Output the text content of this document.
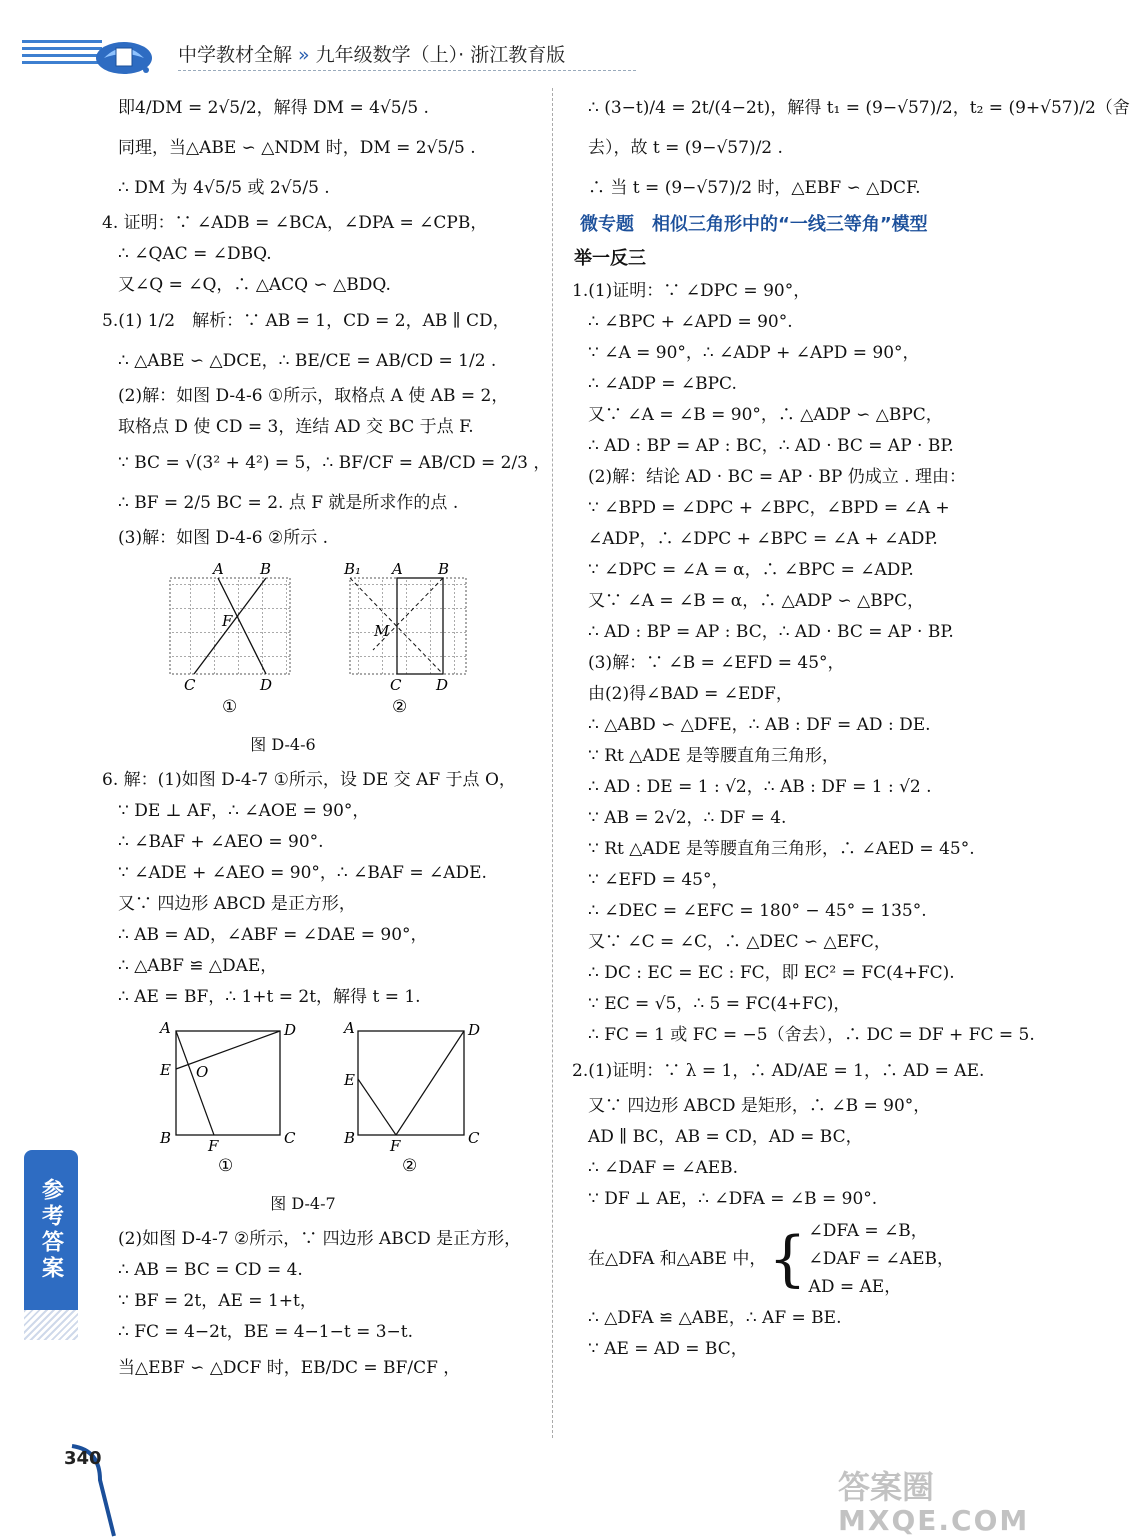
中学教材全解 » 九年级数学（上）· 浙江教育版
即4/DM = 2√5/2，解得 DM = 4√5/5 .
同理，当△ABE ∽ △NDM 时，DM = 2√5/5 .
∴ DM 为 4√5/5 或 2√5/5 .
4. 证明：∵ ∠ADB = ∠BCA，∠DPA = ∠CPB，
∴ ∠QAC = ∠DBQ.
又∠Q = ∠Q，∴ △ACQ ∽ △BDQ.
5.(1) 1/2　解析：∵ AB = 1，CD = 2，AB ∥ CD，
∴ △ABE ∽ △DCE，∴ BE/CE = AB/CD = 1/2 .
(2)解：如图 D-4-6 ①所示，取格点 A 使 AB = 2，
取格点 D 使 CD = 3，连结 AD 交 BC 于点 F.
∵ BC = √(3² + 4²) = 5，∴ BF/CF = AB/CD = 2/3 ，
∴ BF = 2/5 BC = 2. 点 F 就是所求作的点 .
(3)解：如图 D-4-6 ②所示 .
A B
C	D
F
①
B₁ A B
C D
M
②
图 D-4-6
6. 解：(1)如图 D-4-7 ①所示，设 DE 交 AF 于点 O，
∵ DE ⊥ AF，∴ ∠AOE = 90°，
∴ ∠BAF + ∠AEO = 90°.
∵ ∠ADE + ∠AEO = 90°，∴ ∠BAF = ∠ADE.
又∵ 四边形 ABCD 是正方形，
∴ AB = AD，∠ABF = ∠DAE = 90°，
∴ △ABF ≌ △DAE，
∴ AE = BF，∴ 1+t = 2t，解得 t = 1.
A	D
E O
B F	C
①
A	D
E
B F	C
②
图 D-4-7
(2)如图 D-4-7 ②所示，∵ 四边形 ABCD 是正方形，
∴ AB = BC = CD = 4.
∵ BF = 2t，AE = 1+t，
∴ FC = 4−2t，BE = 4−1−t = 3−t.
当△EBF ∽ △DCF 时，EB/DC = BF/CF ，
∴ (3−t)/4 = 2t/(4−2t)，解得 t₁ = (9−√57)/2，t₂ = (9+√57)/2（舍
去），故 t = (9−√57)/2 .
∴ 当 t = (9−√57)/2 时，△EBF ∽ △DCF.
微专题　相似三角形中的“一线三等角”模型
举一反三
1.(1)证明：∵ ∠DPC = 90°，
∴ ∠BPC + ∠APD = 90°.
∵ ∠A = 90°，∴ ∠ADP + ∠APD = 90°，
∴ ∠ADP = ∠BPC.
又∵ ∠A = ∠B = 90°，∴ △ADP ∽ △BPC，
∴ AD : BP = AP : BC，∴ AD · BC = AP · BP.
(2)解：结论 AD · BC = AP · BP 仍成立 . 理由：
∵ ∠BPD = ∠DPC + ∠BPC，∠BPD = ∠A +
∠ADP，∴ ∠DPC + ∠BPC = ∠A + ∠ADP.
∵ ∠DPC = ∠A = α，∴ ∠BPC = ∠ADP.
又∵ ∠A = ∠B = α，∴ △ADP ∽ △BPC，
∴ AD : BP = AP : BC，∴ AD · BC = AP · BP.
(3)解：∵ ∠B = ∠EFD = 45°，
由(2)得∠BAD = ∠EDF，
∴ △ABD ∽ △DFE，∴ AB : DF = AD : DE.
∵ Rt △ADE 是等腰直角三角形，
∴ AD : DE = 1 : √2，∴ AB : DF = 1 : √2 .
∵ AB = 2√2，∴ DF = 4.
∵ Rt △ADE 是等腰直角三角形，∴ ∠AED = 45°.
∵ ∠EFD = 45°，
∴ ∠DEC = ∠EFC = 180° − 45° = 135°.
又∵ ∠C = ∠C，∴ △DEC ∽ △EFC，
∴ DC : EC = EC : FC，即 EC² = FC(4+FC).
∵ EC = √5，∴ 5 = FC(4+FC)，
∴ FC = 1 或 FC = −5（舍去），∴ DC = DF + FC = 5.
2.(1)证明：∵ λ = 1，∴ AD/AE = 1，∴ AD = AE.
又∵ 四边形 ABCD 是矩形，∴ ∠B = 90°，
AD ∥ BC，AB = CD，AD = BC，
∴ ∠DAF = ∠AEB.
∵ DF ⊥ AE，∴ ∠DFA = ∠B = 90°.
在△DFA 和△ABE 中， { ∠DFA = ∠B，
∠DAF = ∠AEB，
AD = AE，
∴ △DFA ≌ △ABE，∴ AF = BE.
∵ AE = AD = BC，
参考答案
340
答案圈
MXQE.COM
